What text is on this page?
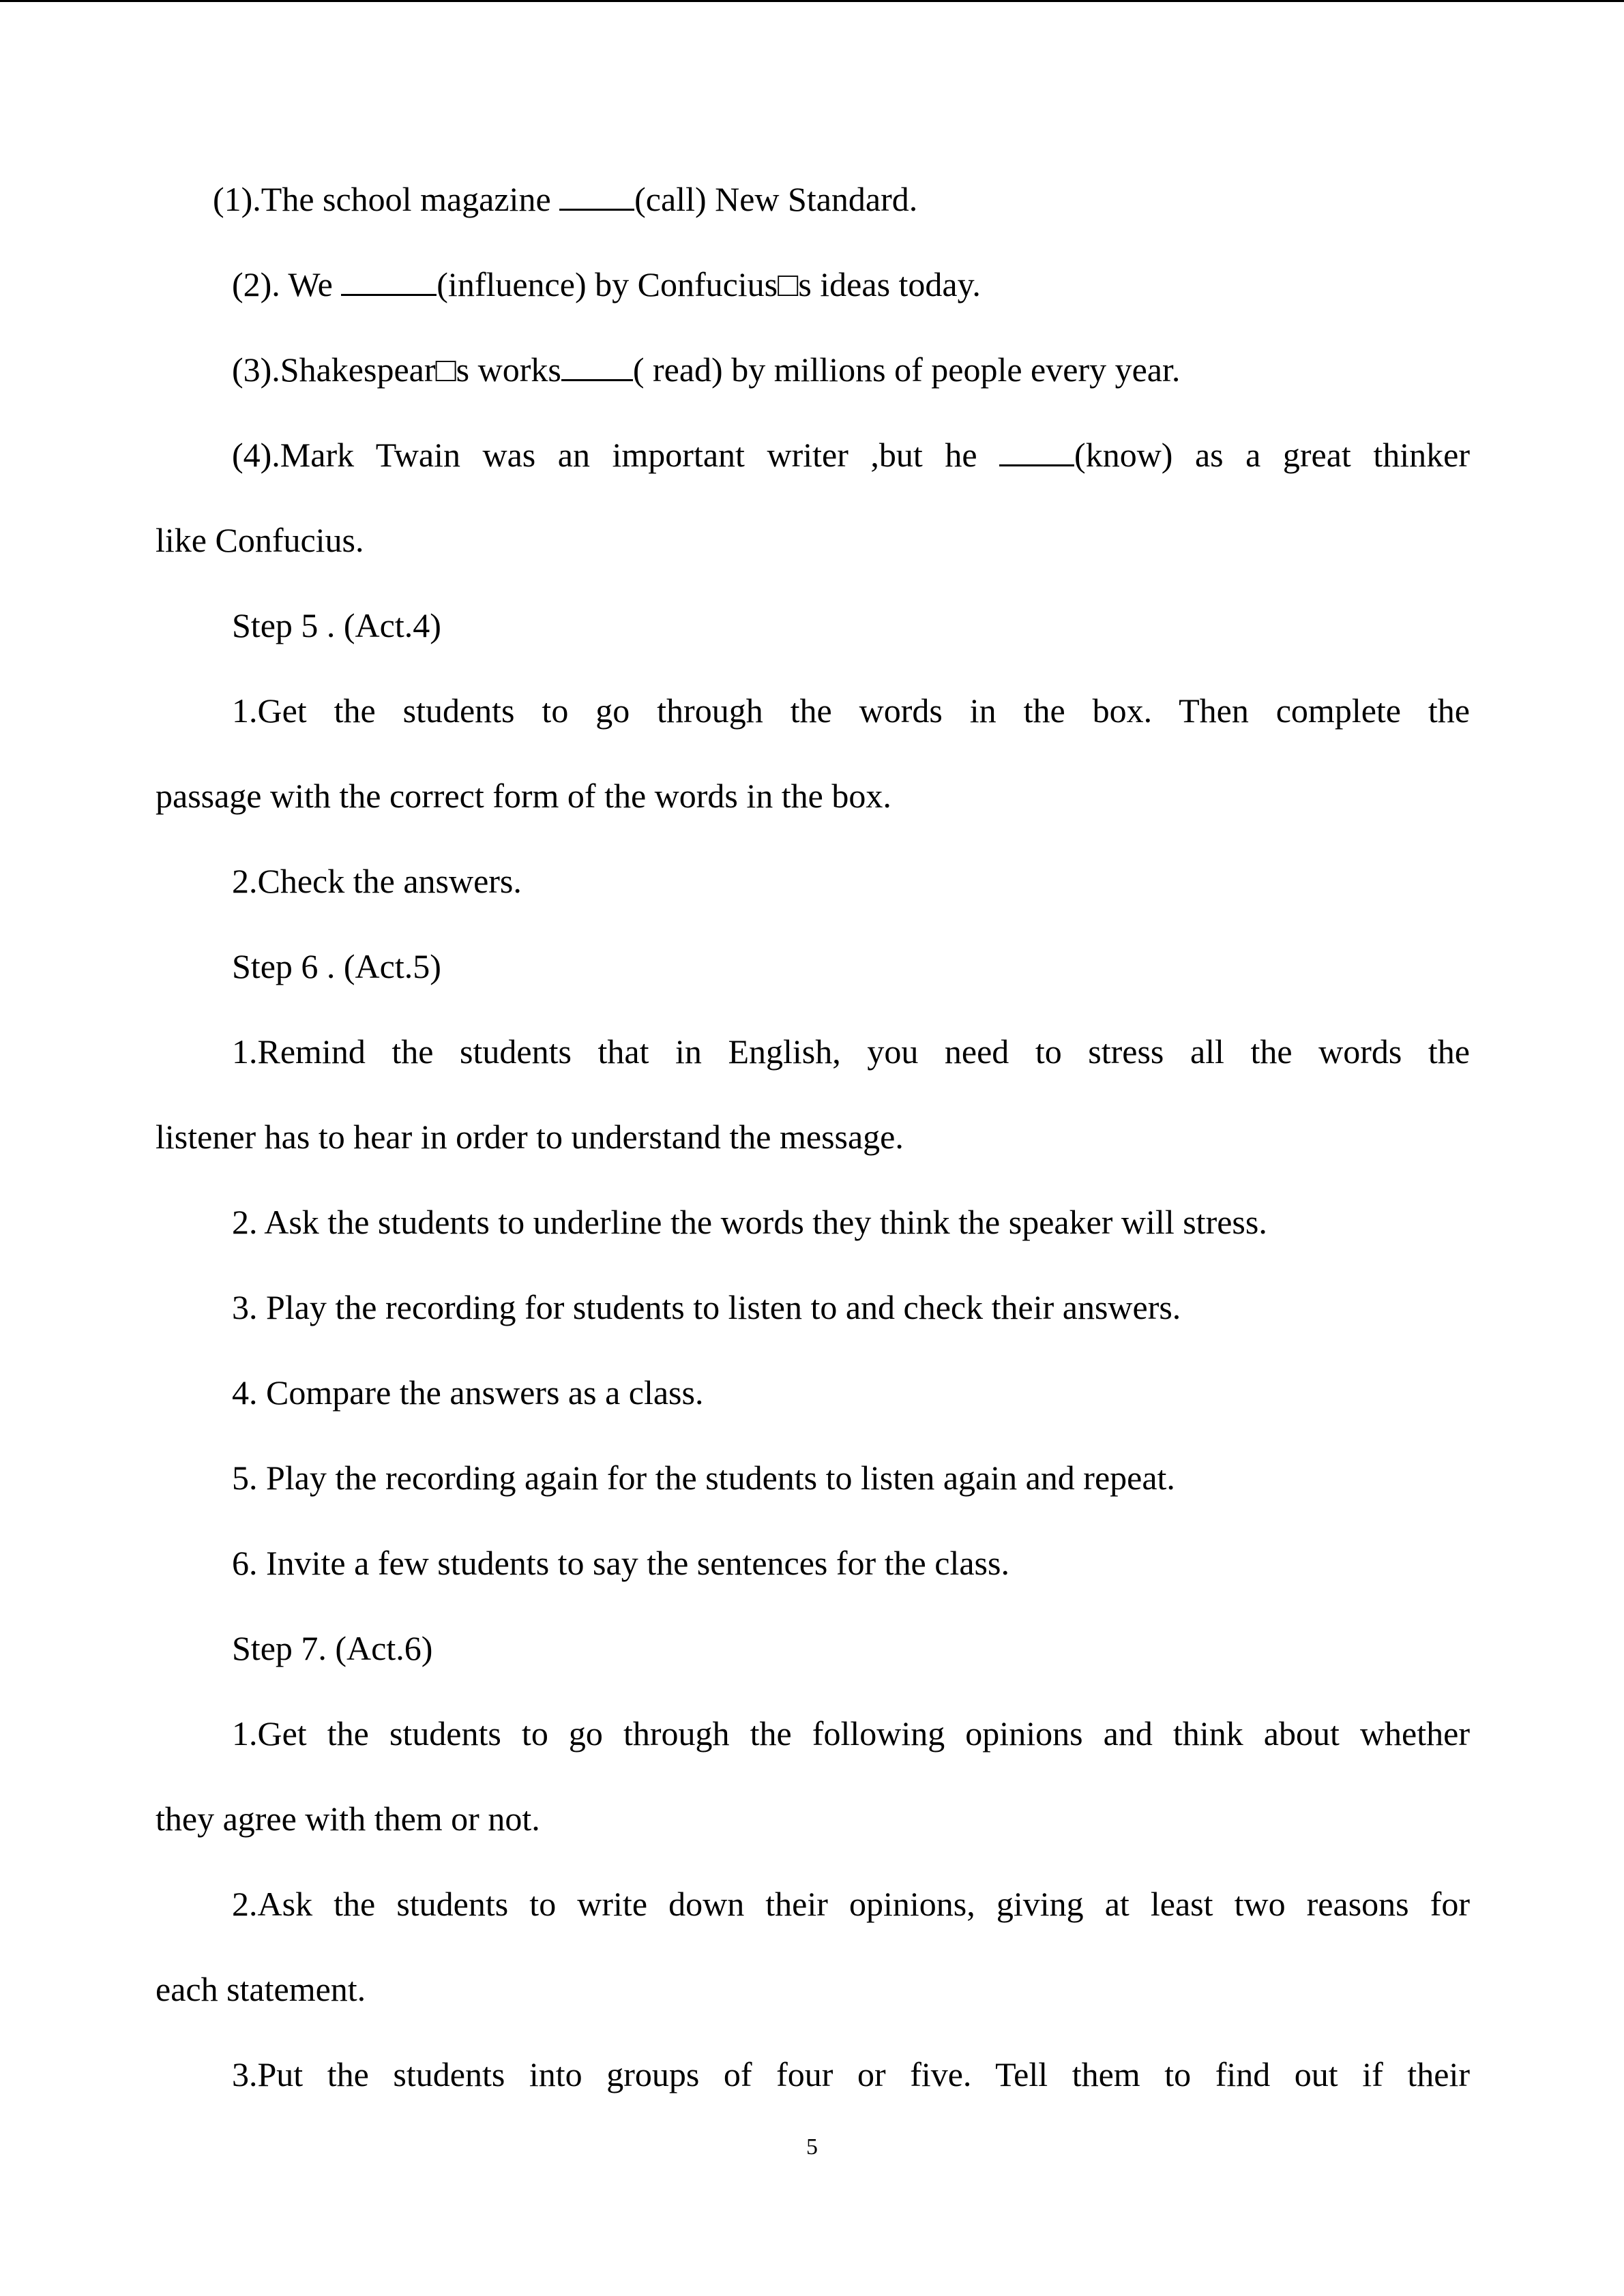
(1).The school magazine (call) New Standard.
(2). We	(influence) by Confucius□s ideas today.
(3).Shakespear□s works ( read) by millions of people every year.
(4).Mark Twain was an important writer ,but he (know) as a great thinker
like Confucius.
Step 5 . (Act.4)
1.Get the students to go through the words in the box. Then complete the
passage with the correct form of the words in the box.
2.Check the answers.
Step 6 . (Act.5)
1.Remind the students that in English, you need to stress all the words the
listener has to hear in order to understand the message.
2. Ask the students to underline the words they think the speaker will stress.
3. Play the recording for students to listen to and check their answers.
4. Compare the answers as a class.
5. Play the recording again for the students to listen again and repeat.
6. Invite a few students to say the sentences for the class.
Step 7. (Act.6)
1.Get the students to go through the following opinions and think about whether
they agree with them or not.
2.Ask the students to write down their opinions, giving at least two reasons for
each statement.
3.Put the students into groups of four or five. Tell them to find out if their
5
